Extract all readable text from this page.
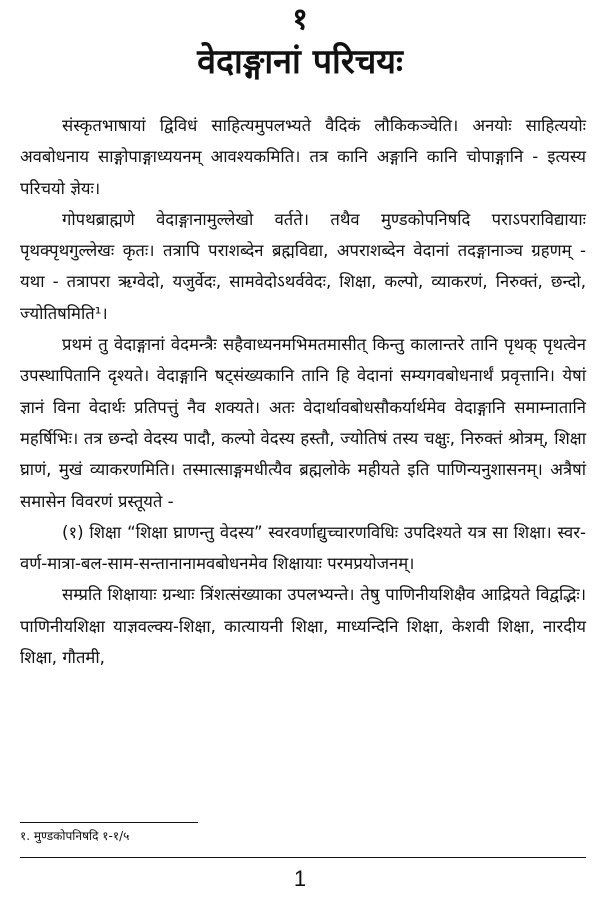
१
वेदाङ्गानां परिचयः

संस्कृतभाषायां द्विविधं साहित्यमुपलभ्यते वैदिकं लौकिकञ्चेति। अनयोः साहित्ययोः अवबोधनाय साङ्गोपाङ्गाध्ययनम् आवश्यकमिति। तत्र कानि अङ्गानि कानि चोपाङ्गानि - इत्यस्य परिचयो ज्ञेयः।

गोपथब्राह्मणे वेदाङ्गानामुल्लेखो वर्तते। तथैव मुण्डकोपनिषदि पराऽपराविद्यायाः पृथक्पृथगुल्लेखः कृतः। तत्रापि पराशब्देन ब्रह्मविद्या, अपराशब्देन वेदानां तदङ्गानाञ्च ग्रहणम् - यथा - तत्रापरा ऋग्वेदो, यजुर्वेदः, सामवेदोऽथर्ववेदः, शिक्षा, कल्पो, व्याकरणं, निरुक्तं, छन्दो, ज्योतिषमिति¹।

प्रथमं तु वेदाङ्गानां वेदमन्त्रैः सहैवाध्यनमभिमतमासीत् किन्तु कालान्तरे तानि पृथक् पृथत्वेन उपस्थापितानि दृश्यते। वेदाङ्गानि षट्संख्यकानि तानि हि वेदानां सम्यगवबोधनार्थं प्रवृत्तानि। येषां ज्ञानं विना वेदार्थः प्रतिपत्तुं नैव शक्यते। अतः वेदार्थावबोधसौकर्यार्थमेव वेदाङ्गानि समाम्नातानि महर्षिभिः। तत्र छन्दो वेदस्य पादौ, कल्पो वेदस्य हस्तौ, ज्योतिषं तस्य चक्षुः, निरुक्तं श्रोत्रम्, शिक्षा घ्राणं, मुखं व्याकरणमिति। तस्मात्साङ्गमधीत्यैव ब्रह्मलोके महीयते इति पाणिन्यनुशासनम्। अत्रैषां समासेन विवरणं प्रस्तूयते -

(१) शिक्षा “शिक्षा घ्राणन्तु वेदस्य” स्वरवर्णाद्युच्चारणविधिः उपदिश्यते यत्र सा शिक्षा। स्वर-वर्ण-मात्रा-बल-साम-सन्तानानामवबोधनमेव शिक्षायाः परमप्रयोजनम्।

सम्प्रति शिक्षायाः ग्रन्थाः त्रिंशत्संख्याका उपलभ्यन्ते। तेषु पाणिनीयशिक्षैव आद्रियते विद्वद्भिः। पाणिनीयशिक्षा याज्ञवल्क्य-शिक्षा, कात्यायनी शिक्षा, माध्यन्दिनि शिक्षा, केशवी शिक्षा, नारदीय शिक्षा, गौतमी,

१. मुण्डकोपनिषदि १-१/५
1
